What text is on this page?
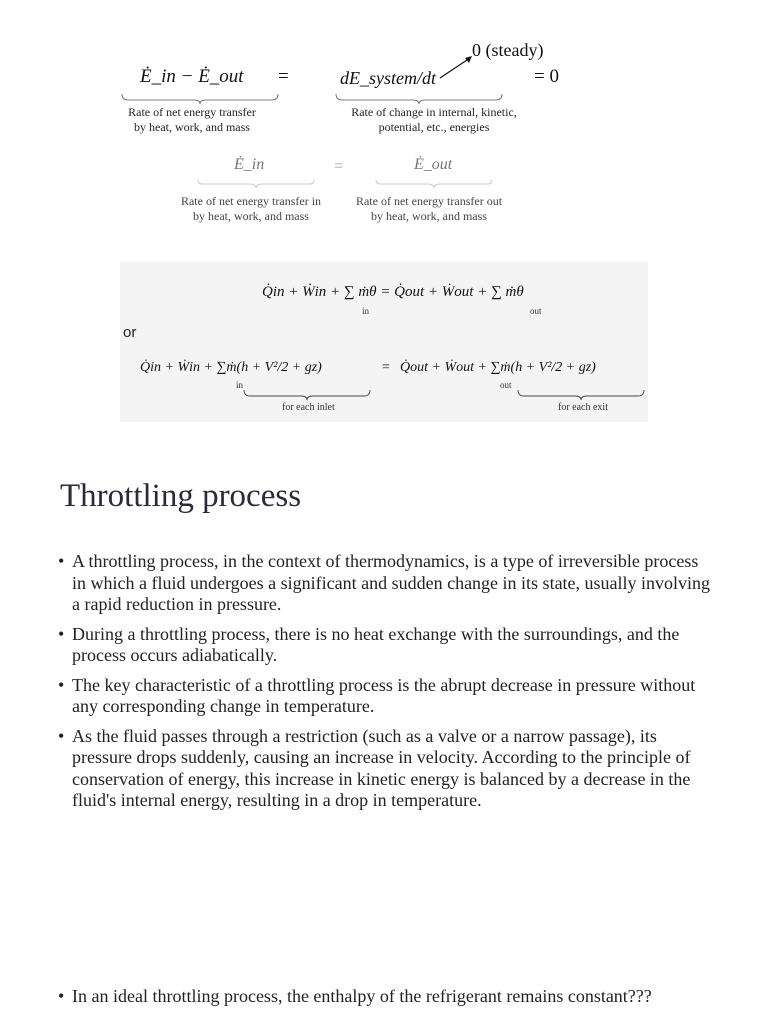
Ė_in − Ė_out =	dE_system/dt
0 (steady)
= 0
Rate of net energy transfer
by heat, work, and mass
Rate of change in internal, kinetic,
potential, etc., energies
Ė_in	=	Ė_out
Rate of net energy transfer in
by heat, work, and mass
Rate of net energy transfer out
by heat, work, and mass
Q̇in + Ẇin + ∑ ṁθ = Q̇out + Ẇout + ∑ ṁθ
in	out
Q̇in + Ẇin + ∑ṁ(h + V²/2 + gz)	= Q̇out + Ẇout + ∑ṁ(h + V²/2 + gz)
in	out
for each inlet	for each exit
or
Throttling process
• A throttling process, in the context of thermodynamics, is a type of irreversible process in which a fluid undergoes a significant and sudden change in its state, usually involving a rapid reduction in pressure.
• During a throttling process, there is no heat exchange with the surroundings, and the process occurs adiabatically.
• The key characteristic of a throttling process is the abrupt decrease in pressure without any corresponding change in temperature.
• As the fluid passes through a restriction (such as a valve or a narrow passage), its pressure drops suddenly, causing an increase in velocity. According to the principle of conservation of energy, this increase in kinetic energy is balanced by a decrease in the fluid's internal energy, resulting in a drop in temperature.
• In an ideal throttling process, the enthalpy of the refrigerant remains constant???
